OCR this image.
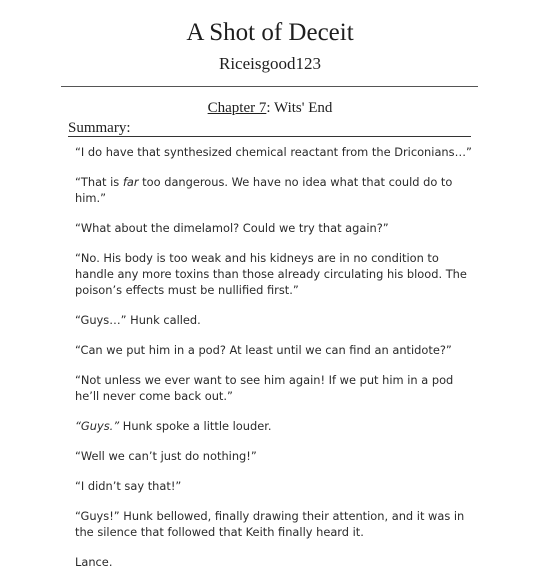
A Shot of Deceit
Riceisgood123
Chapter 7: Wits' End
Summary:

“I do have that synthesized chemical reactant from the Driconians…”

“That is far too dangerous. We have no idea what that could do to him.”

“What about the dimelamol? Could we try that again?”

“No. His body is too weak and his kidneys are in no condition to handle any more toxins than those already circulating his blood. The poison’s effects must be nullified first.”

“Guys…” Hunk called.

“Can we put him in a pod? At least until we can find an antidote?”

“Not unless we ever want to see him again! If we put him in a pod he’ll never come back out.”

“Guys.” Hunk spoke a little louder.

“Well we can’t just do nothing!”

“I didn’t say that!”

“Guys!” Hunk bellowed, finally drawing their attention, and it was in the silence that followed that Keith finally heard it.

Lance.
